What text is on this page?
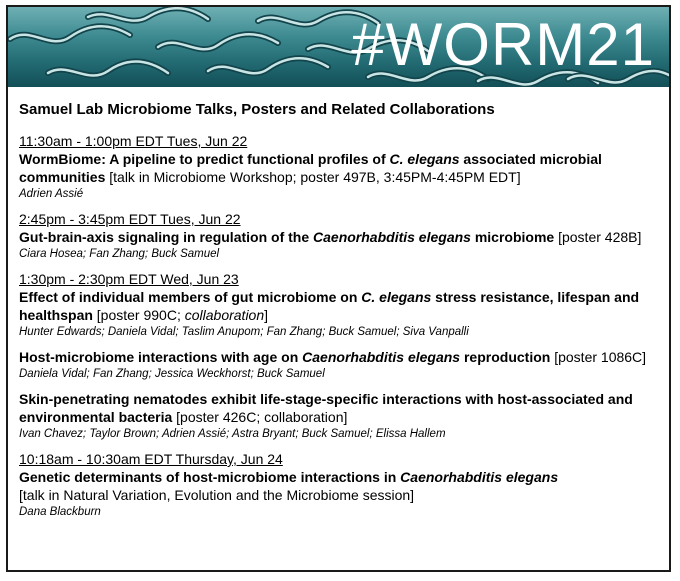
#WORM21
Samuel Lab Microbiome Talks, Posters and Related Collaborations
11:30am - 1:00pm EDT Tues, Jun 22
WormBiome: A pipeline to predict functional profiles of C. elegans associated microbial communities [talk in Microbiome Workshop; poster 497B, 3:45PM-4:45PM EDT]
Adrien Assié
2:45pm - 3:45pm EDT Tues, Jun 22
Gut-brain-axis signaling in regulation of the Caenorhabditis elegans microbiome [poster 428B]
Ciara Hosea; Fan Zhang; Buck Samuel
1:30pm - 2:30pm EDT Wed, Jun 23
Effect of individual members of gut microbiome on C. elegans stress resistance, lifespan and healthspan [poster 990C; collaboration]
Hunter Edwards; Daniela Vidal; Taslim Anupom; Fan Zhang; Buck Samuel; Siva Vanpalli
Host-microbiome interactions with age on Caenorhabditis elegans reproduction [poster 1086C]
Daniela Vidal; Fan Zhang; Jessica Weckhorst; Buck Samuel
Skin-penetrating nematodes exhibit life-stage-specific interactions with host-associated and environmental bacteria [poster 426C; collaboration]
Ivan Chavez; Taylor Brown; Adrien Assié; Astra Bryant; Buck Samuel; Elissa Hallem
10:18am - 10:30am EDT Thursday, Jun 24
Genetic determinants of host-microbiome interactions in Caenorhabditis elegans
[talk in Natural Variation, Evolution and the Microbiome session]
Dana Blackburn
